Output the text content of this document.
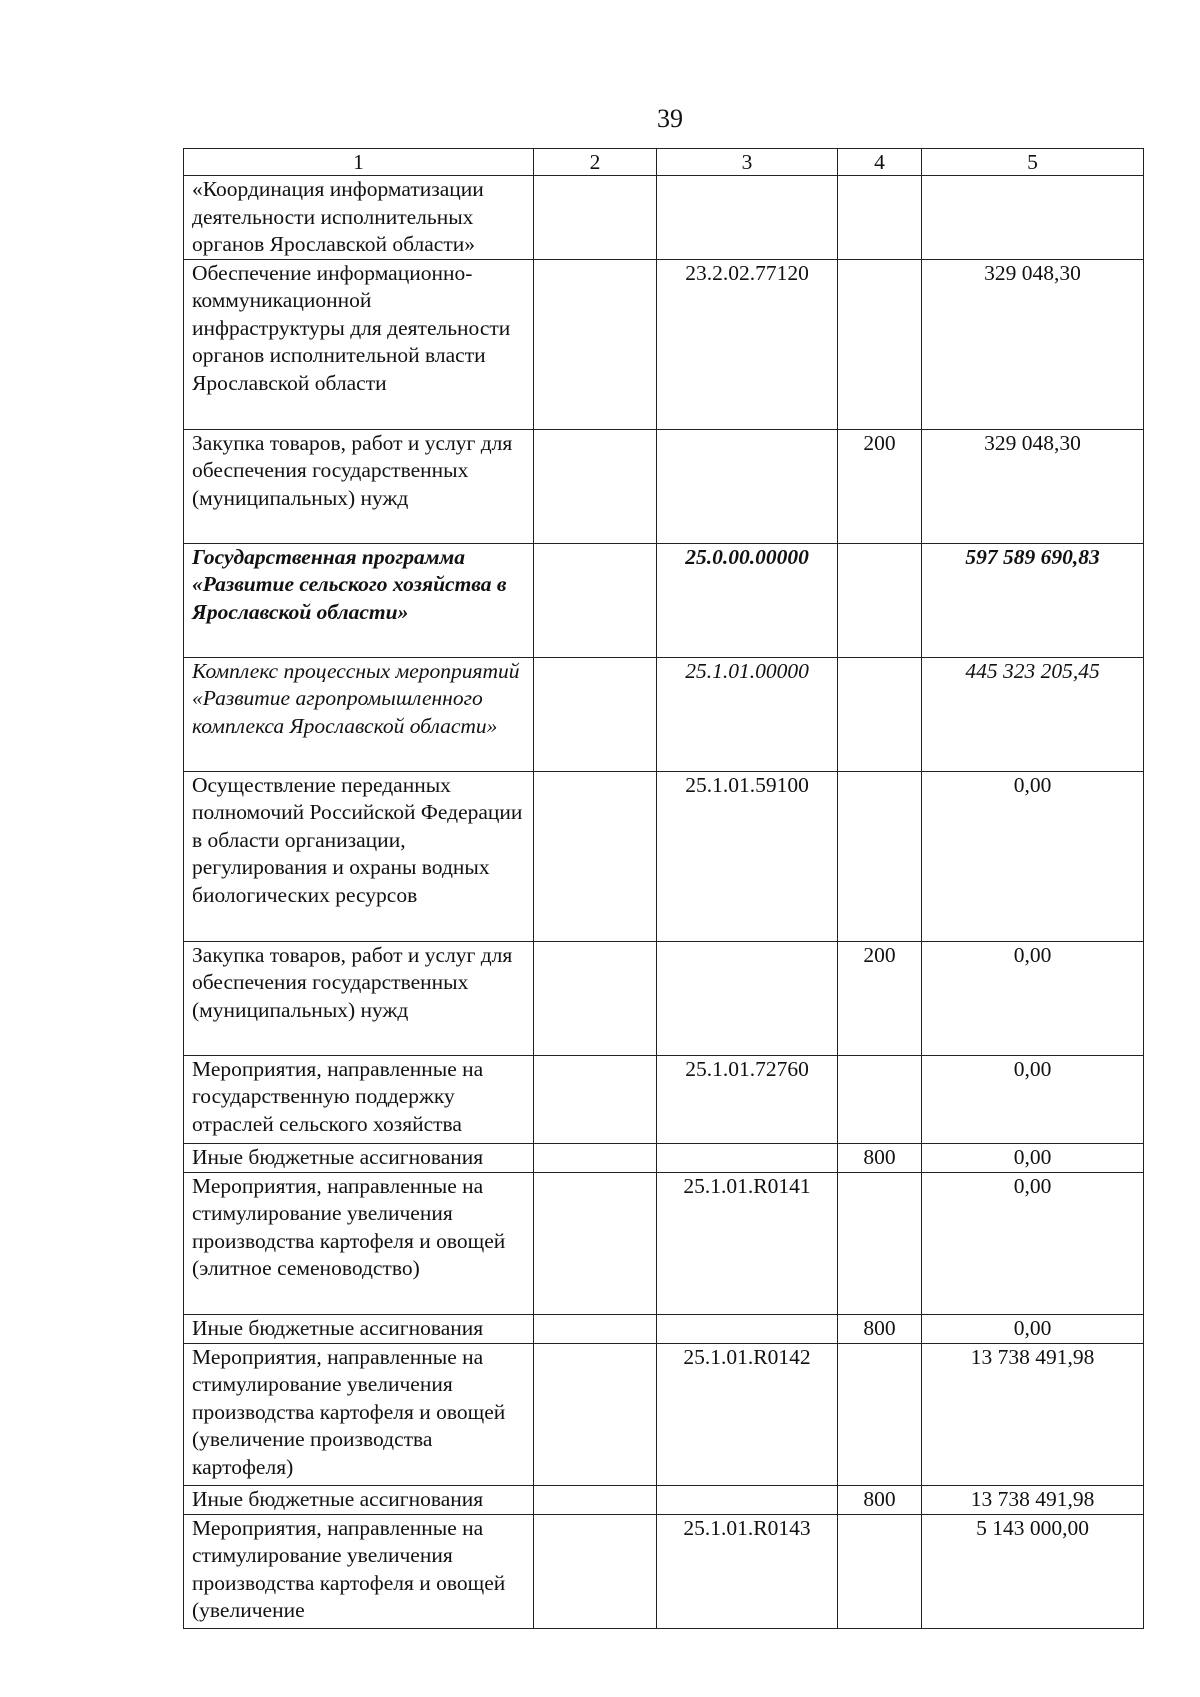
39
1	2	3	4	5
«Координация информатизации деятельности исполнительных органов Ярославской области»				
Обеспечение информационно-коммуникационной инфраструктуры для деятельности органов исполнительной власти Ярославской области		23.2.02.77120		329 048,30
Закупка товаров, работ и услуг для обеспечения государственных (муниципальных) нужд			200	329 048,30
Государственная программа «Развитие сельского хозяйства в Ярославской области»		25.0.00.00000		597 589 690,83
Комплекс процессных мероприятий «Развитие агропромышленного комплекса Ярославской области»		25.1.01.00000		445 323 205,45
Осуществление переданных полномочий Российской Федерации в области организации, регулирования и охраны водных биологических ресурсов		25.1.01.59100		0,00
Закупка товаров, работ и услуг для обеспечения государственных (муниципальных) нужд			200	0,00
Мероприятия, направленные на государственную поддержку отраслей сельского хозяйства		25.1.01.72760		0,00
Иные бюджетные ассигнования			800	0,00
Мероприятия, направленные на стимулирование увеличения производства картофеля и овощей (элитное семеноводство)		25.1.01.R0141		0,00
Иные бюджетные ассигнования			800	0,00
Мероприятия, направленные на стимулирование увеличения производства картофеля и овощей (увеличение производства картофеля)		25.1.01.R0142		13 738 491,98
Иные бюджетные ассигнования			800	13 738 491,98
Мероприятия, направленные на стимулирование увеличения производства картофеля и овощей (увеличение		25.1.01.R0143		5 143 000,00
